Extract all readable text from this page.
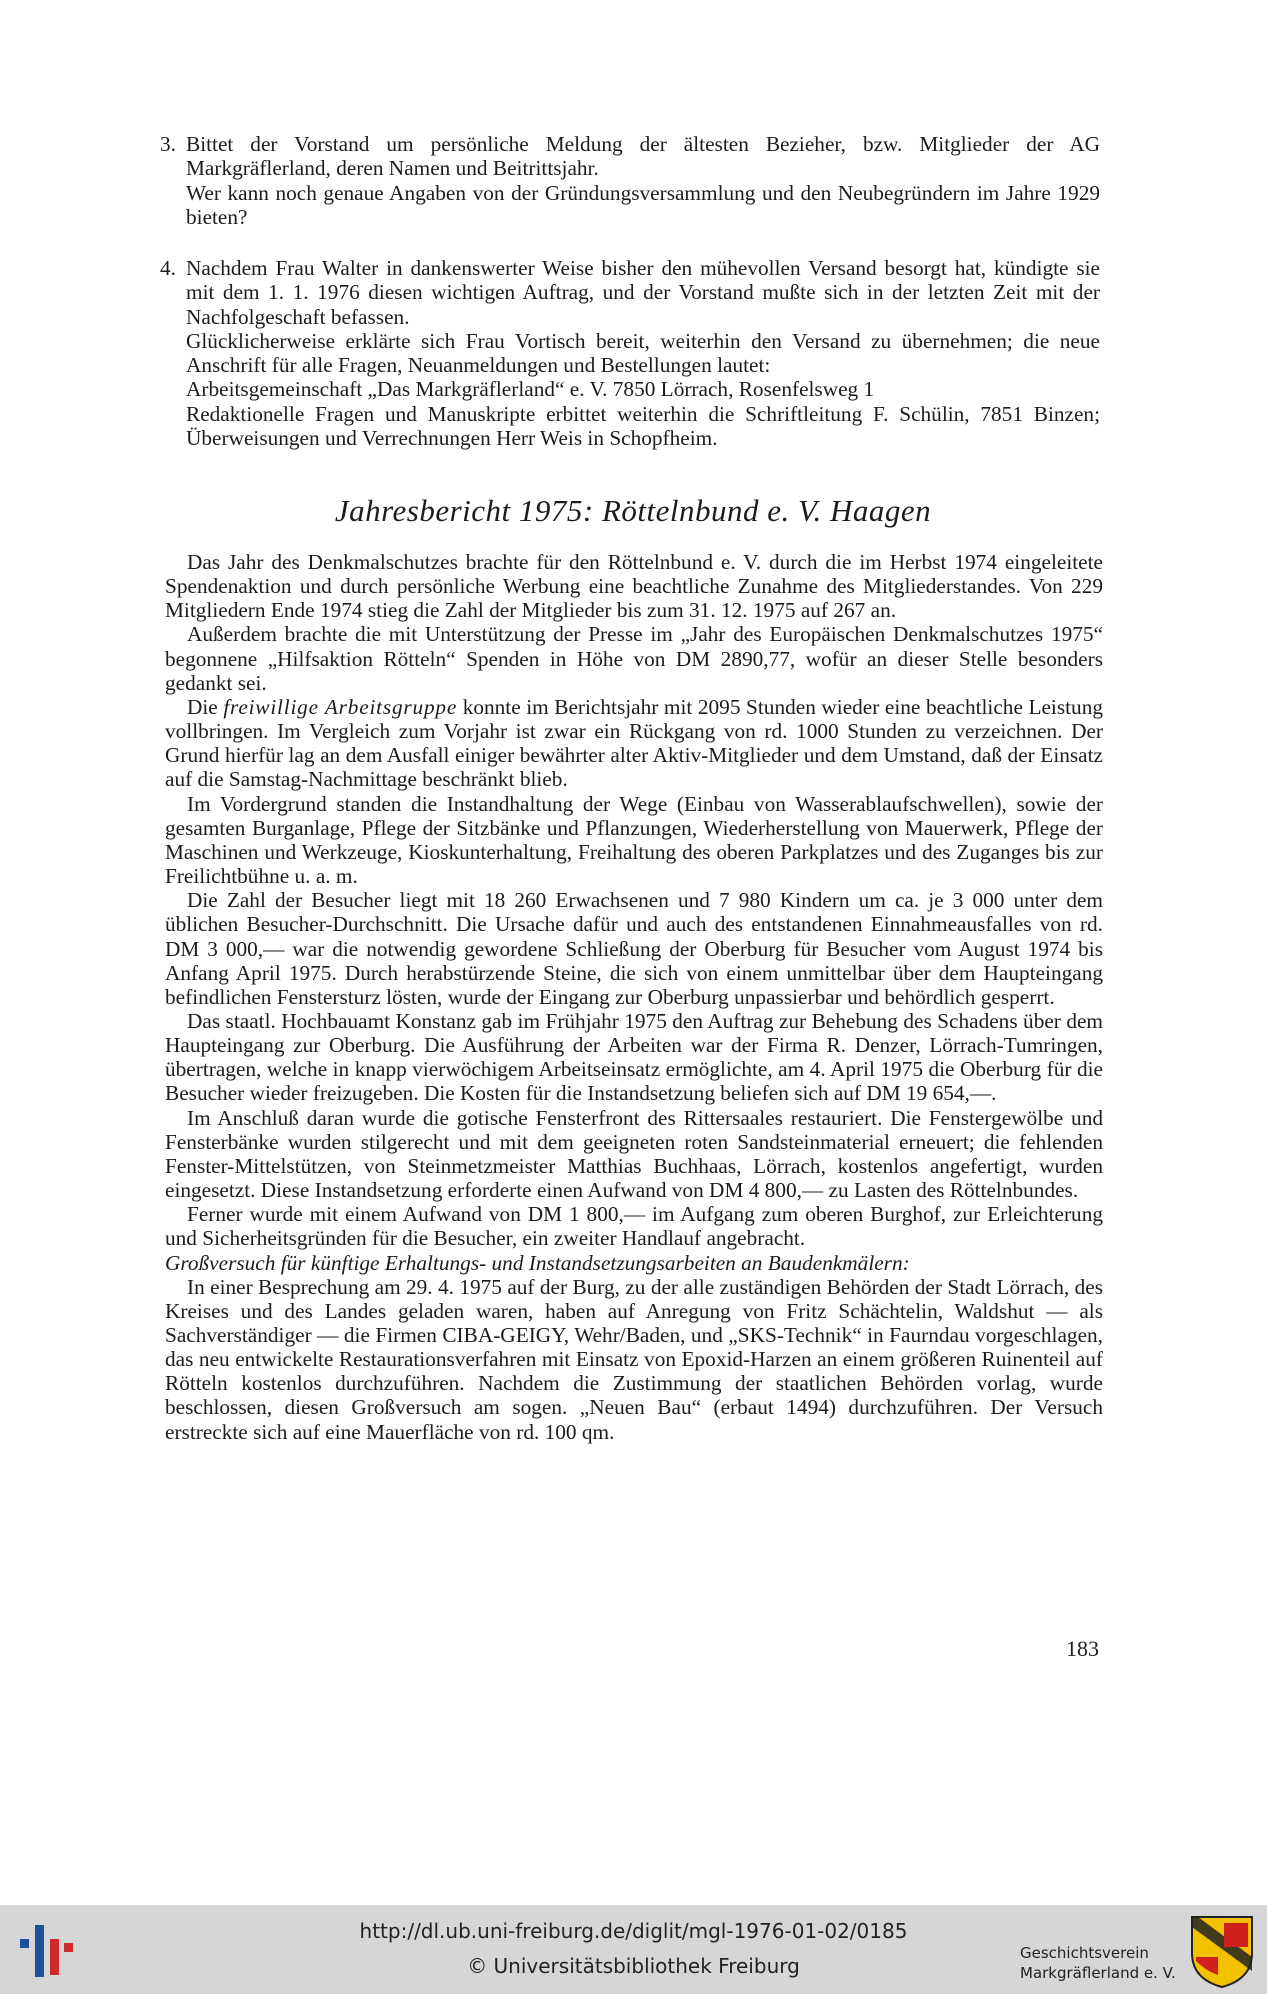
3. Bittet der Vorstand um persönliche Meldung der ältesten Bezieher, bzw. Mitglieder der AG Markgräflerland, deren Namen und Beitrittsjahr.

Wer kann noch genaue Angaben von der Gründungsversammlung und den Neubegründern im Jahre 1929 bieten?

4. Nachdem Frau Walter in dankenswerter Weise bisher den mühevollen Versand besorgt hat, kündigte sie mit dem 1. 1. 1976 diesen wichtigen Auftrag, und der Vorstand mußte sich in der letzten Zeit mit der Nachfolgeschaft befassen.

Glücklicherweise erklärte sich Frau Vortisch bereit, weiterhin den Versand zu übernehmen; die neue Anschrift für alle Fragen, Neuanmeldungen und Bestellungen lautet:

Arbeitsgemeinschaft „Das Markgräflerland“ e. V. 7850 Lörrach, Rosenfelsweg 1

Redaktionelle Fragen und Manuskripte erbittet weiterhin die Schriftleitung F. Schülin, 7851 Binzen; Überweisungen und Verrechnungen Herr Weis in Schopfheim.

Jahresbericht 1975: Röttelnbund e. V. Haagen

Das Jahr des Denkmalschutzes brachte für den Röttelnbund e. V. durch die im Herbst 1974 eingeleitete Spendenaktion und durch persönliche Werbung eine beachtliche Zunahme des Mitgliederstandes. Von 229 Mitgliedern Ende 1974 stieg die Zahl der Mitglieder bis zum 31. 12. 1975 auf 267 an.

Außerdem brachte die mit Unterstützung der Presse im „Jahr des Europäischen Denkmalschutzes 1975“ begonnene „Hilfsaktion Rötteln“ Spenden in Höhe von DM 2890,77, wofür an dieser Stelle besonders gedankt sei.

Die freiwillige Arbeitsgruppe konnte im Berichtsjahr mit 2095 Stunden wieder eine beachtliche Leistung vollbringen. Im Vergleich zum Vorjahr ist zwar ein Rückgang von rd. 1000 Stunden zu verzeichnen. Der Grund hierfür lag an dem Ausfall einiger bewährter alter Aktiv-Mitglieder und dem Umstand, daß der Einsatz auf die Samstag-Nachmittage beschränkt blieb.

Im Vordergrund standen die Instandhaltung der Wege (Einbau von Wasserablaufschwellen), sowie der gesamten Burganlage, Pflege der Sitzbänke und Pflanzungen, Wiederherstellung von Mauerwerk, Pflege der Maschinen und Werkzeuge, Kioskunterhaltung, Freihaltung des oberen Parkplatzes und des Zuganges bis zur Freilichtbühne u. a. m.

Die Zahl der Besucher liegt mit 18 260 Erwachsenen und 7 980 Kindern um ca. je 3 000 unter dem üblichen Besucher-Durchschnitt. Die Ursache dafür und auch des entstandenen Einnahmeausfalles von rd. DM 3 000,— war die notwendig gewordene Schließung der Oberburg für Besucher vom August 1974 bis Anfang April 1975. Durch herabstürzende Steine, die sich von einem unmittelbar über dem Haupteingang befindlichen Fenstersturz lösten, wurde der Eingang zur Oberburg unpassierbar und behördlich gesperrt.

Das staatl. Hochbauamt Konstanz gab im Frühjahr 1975 den Auftrag zur Behebung des Schadens über dem Haupteingang zur Oberburg. Die Ausführung der Arbeiten war der Firma R. Denzer, Lörrach-Tumringen, übertragen, welche in knapp vierwöchigem Arbeitseinsatz ermöglichte, am 4. April 1975 die Oberburg für die Besucher wieder freizugeben. Die Kosten für die Instandsetzung beliefen sich auf DM 19 654,—.

Im Anschluß daran wurde die gotische Fensterfront des Rittersaales restauriert. Die Fenstergewölbe und Fensterbänke wurden stilgerecht und mit dem geeigneten roten Sandsteinmaterial erneuert; die fehlenden Fenster-Mittelstützen, von Steinmetzmeister Matthias Buchhaas, Lörrach, kostenlos angefertigt, wurden eingesetzt. Diese Instandsetzung erforderte einen Aufwand von DM 4 800,— zu Lasten des Röttelnbundes.

Ferner wurde mit einem Aufwand von DM 1 800,— im Aufgang zum oberen Burghof, zur Erleichterung und Sicherheitsgründen für die Besucher, ein zweiter Handlauf angebracht.

Großversuch für künftige Erhaltungs- und Instandsetzungsarbeiten an Baudenkmälern:

In einer Besprechung am 29. 4. 1975 auf der Burg, zu der alle zuständigen Behörden der Stadt Lörrach, des Kreises und des Landes geladen waren, haben auf Anregung von Fritz Schächtelin, Waldshut — als Sachverständiger — die Firmen CIBA-GEIGY, Wehr/Baden, und „SKS-Technik“ in Faurndau vorgeschlagen, das neu entwickelte Restaurationsverfahren mit Einsatz von Epoxid-Harzen an einem größeren Ruinenteil auf Rötteln kostenlos durchzuführen. Nachdem die Zustimmung der staatlichen Behörden vorlag, wurde beschlossen, diesen Großversuch am sogen. „Neuen Bau“ (erbaut 1494) durchzuführen. Der Versuch erstreckte sich auf eine Mauerfläche von rd. 100 qm.

183
http://dl.ub.uni-freiburg.de/diglit/mgl-1976-01-02/0185
© Universitätsbibliothek Freiburg
Geschichtsverein
Markgräflerland e. V.
